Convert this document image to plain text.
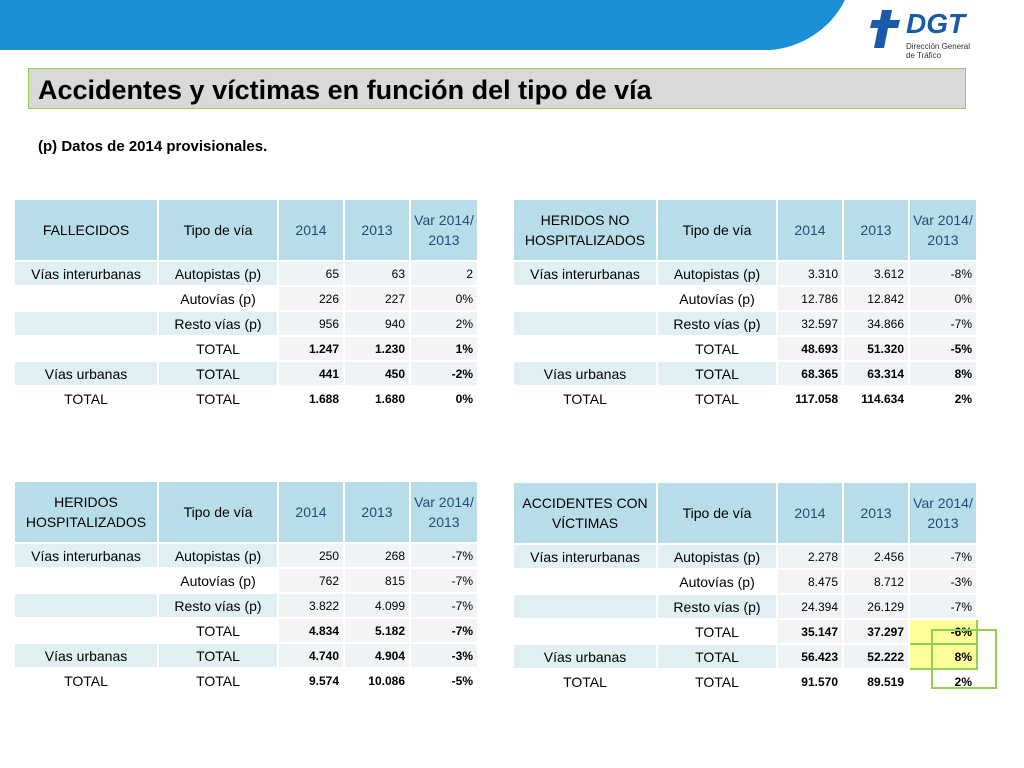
DGT
Dirección General
de Tráfico
Accidentes y víctimas en función del tipo de vía
(p) Datos de 2014 provisionales.
FALLECIDOS	Tipo de vía	2014	2013	Var 2014/ 2013
Vías interurbanas	Autopistas (p)	65	63	2
	Autovías (p)	226	227	0%
	Resto vías (p)	956	940	2%
	TOTAL	1.247	1.230	1%
Vías urbanas	TOTAL	441	450	-2%
TOTAL	TOTAL	1.688	1.680	0%
HERIDOS NO HOSPITALIZADOS	Tipo de vía	2014	2013	Var 2014/ 2013
Vías interurbanas	Autopistas (p)	3.310	3.612	-8%
	Autovías (p)	12.786	12.842	0%
	Resto vías (p)	32.597	34.866	-7%
	TOTAL	48.693	51.320	-5%
Vías urbanas	TOTAL	68.365	63.314	8%
TOTAL	TOTAL	117.058	114.634	2%
HERIDOS HOSPITALIZADOS	Tipo de vía	2014	2013	Var 2014/ 2013
Vías interurbanas	Autopistas (p)	250	268	-7%
	Autovías (p)	762	815	-7%
	Resto vías (p)	3.822	4.099	-7%
	TOTAL	4.834	5.182	-7%
Vías urbanas	TOTAL	4.740	4.904	-3%
TOTAL	TOTAL	9.574	10.086	-5%
ACCIDENTES CON VÍCTIMAS	Tipo de vía	2014	2013	Var 2014/ 2013
Vías interurbanas	Autopistas (p)	2.278	2.456	-7%
	Autovías (p)	8.475	8.712	-3%
	Resto vías (p)	24.394	26.129	-7%
	TOTAL	35.147	37.297	-6%
Vías urbanas	TOTAL	56.423	52.222	8%
TOTAL	TOTAL	91.570	89.519	2%
